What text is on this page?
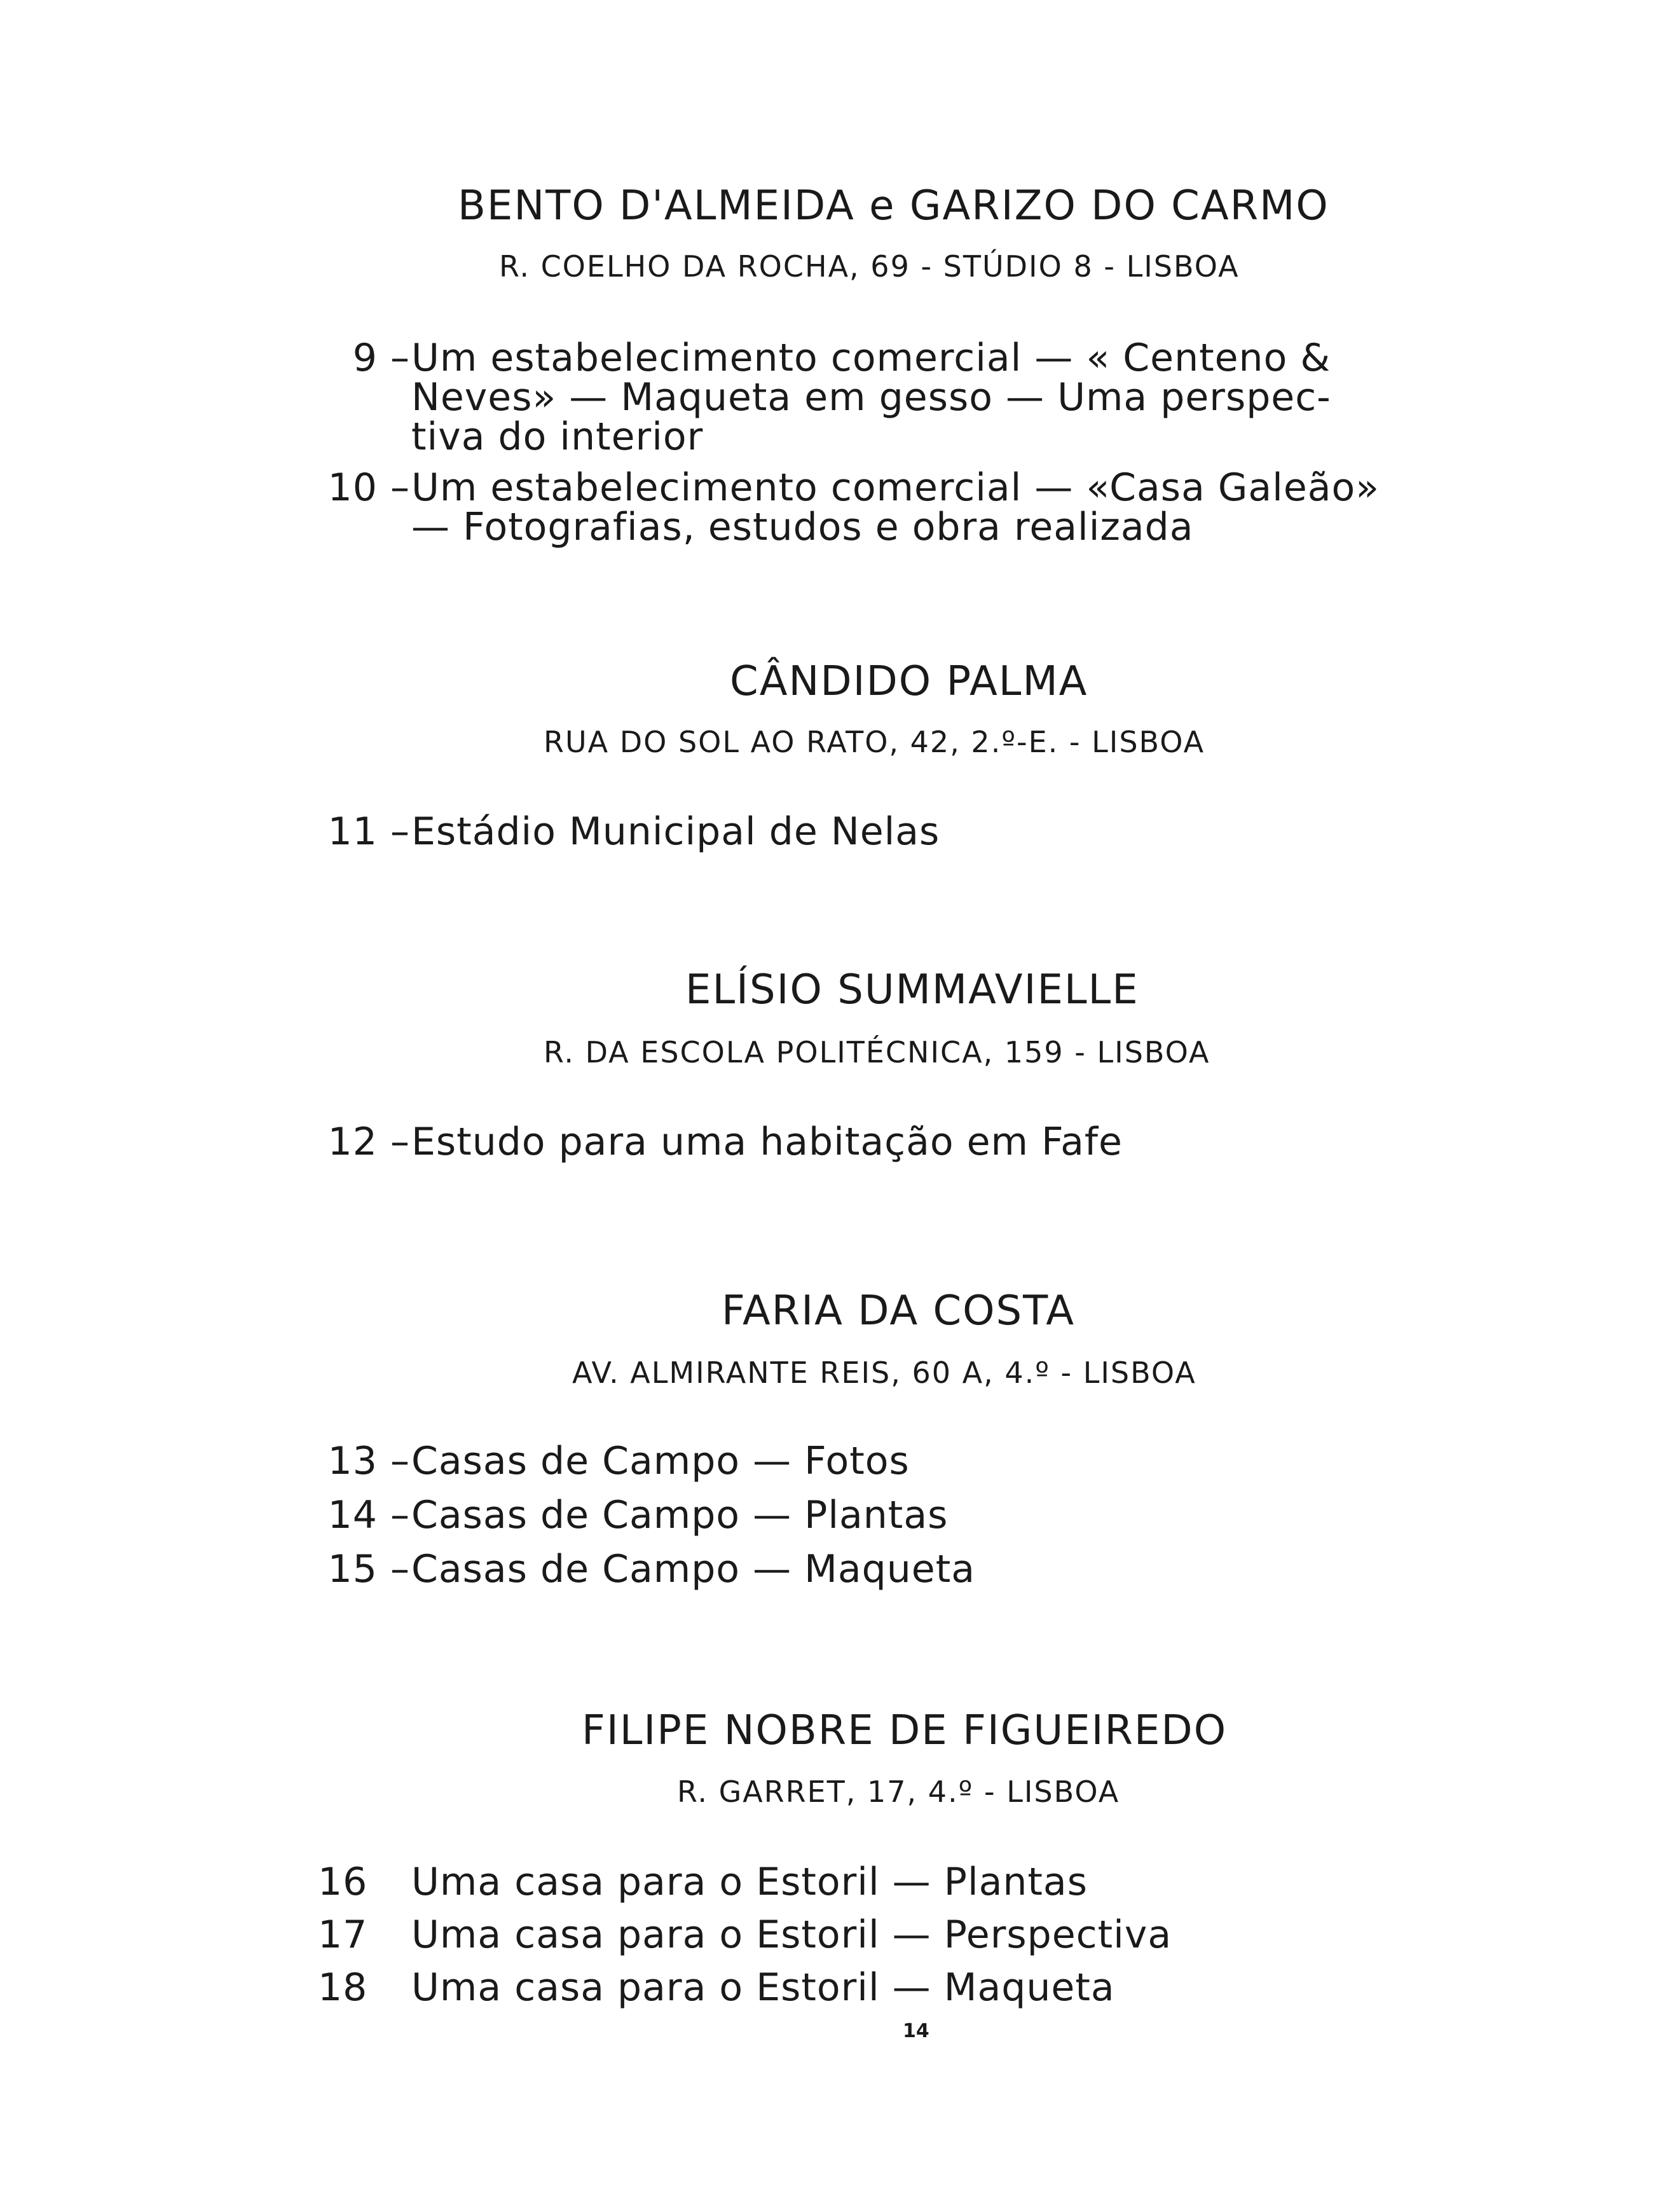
BENTO D'ALMEIDA e GARIZO DO CARMO
R. COELHO DA ROCHA, 69 - STÚDIO 8 - LISBOA
9 –Um estabelecimento comercial — « Centeno &
Neves» — Maqueta em gesso — Uma perspec-
tiva do interior
10 –Um estabelecimento comercial — «Casa Galeão»
— Fotografias, estudos e obra realizada
CÂNDIDO PALMA
RUA DO SOL AO RATO, 42, 2.º-E. - LISBOA
11 –Estádio Municipal de Nelas
ELÍSIO SUMMAVIELLE
R. DA ESCOLA POLITÉCNICA, 159 - LISBOA
12 –Estudo para uma habitação em Fafe
FARIA DA COSTA
AV. ALMIRANTE REIS, 60 A, 4.º - LISBOA
13 –Casas de Campo — Fotos
14 –Casas de Campo — Plantas
15 –Casas de Campo — Maqueta
FILIPE NOBRE DE FIGUEIREDO
R. GARRET, 17, 4.º - LISBOA
16 Uma casa para o Estoril — Plantas
17 Uma casa para o Estoril — Perspectiva
18 Uma casa para o Estoril — Maqueta
14
